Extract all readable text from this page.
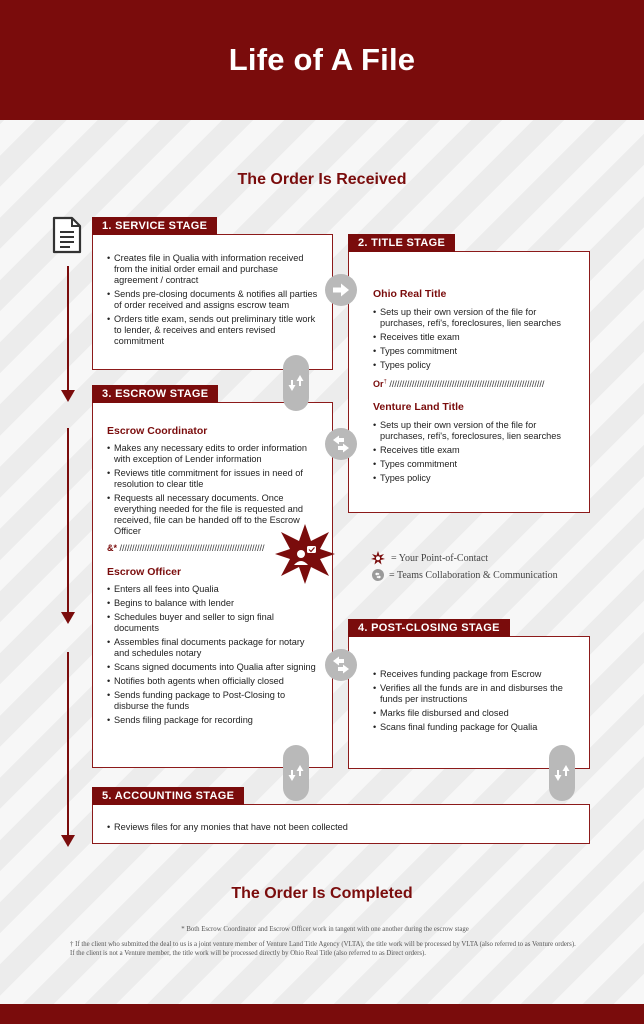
Life of A File
The Order Is Received
• Creates file in Qualia with information received from the initial order email and purchase agreement / contract
• Sends pre-closing documents & notifies all parties of order received and assigns escrow team
• Orders title exam, sends out preliminary title work to lender, & receives and enters revised commitment
1. SERVICE STAGE
Ohio Real Title
• Sets up their own version of the file for purchases, refi's, foreclosures, lien searches
• Receives title exam
• Types commitment
• Types policy
Or† //////////////////////////////////////////////////////////////
Venture Land Title
• Sets up their own version of the file for purchases, refi's, foreclosures, lien searches
• Receives title exam
• Types commitment
• Types policy
2. TITLE STAGE
Escrow Coordinator
• Makes any necessary edits to order information with exception of Lender information
• Reviews title commitment for issues in need of resolution to clear title
• Requests all necessary documents. Once everything needed for the file is requested and received, file can be handed off to the Escrow Officer
&* //////////////////////////////////////////////////////////
Escrow Officer
• Enters all fees into Qualia
• Begins to balance with lender
• Schedules buyer and seller to sign final documents
• Assembles final documents package for notary and schedules notary
• Scans signed documents into Qualia after signing
• Notifies both agents when officially closed
• Sends funding package to Post-Closing to disburse the funds
• Sends filing package for recording
3. ESCROW STAGE
• Receives funding package from Escrow
• Verifies all the funds are in and disburses the funds per instructions
• Marks file disbursed and closed
• Scans final funding package for Qualia
4. POST-CLOSING STAGE
• Reviews files for any monies that have not been collected
5. ACCOUNTING STAGE
= Your Point-of-Contact
= Teams Collaboration & Communication
The Order Is Completed
* Both Escrow Coordinator and Escrow Officer work in tangent with one another during the escrow stage
† If the client who submitted the deal to us is a joint venture member of Venture Land Title Agency (VLTA), the title work will be processed by VLTA (also referred to as Venture orders). If the client is not a Venture member, the title work will be processed directly by Ohio Real Title (also referred to as Direct orders).
